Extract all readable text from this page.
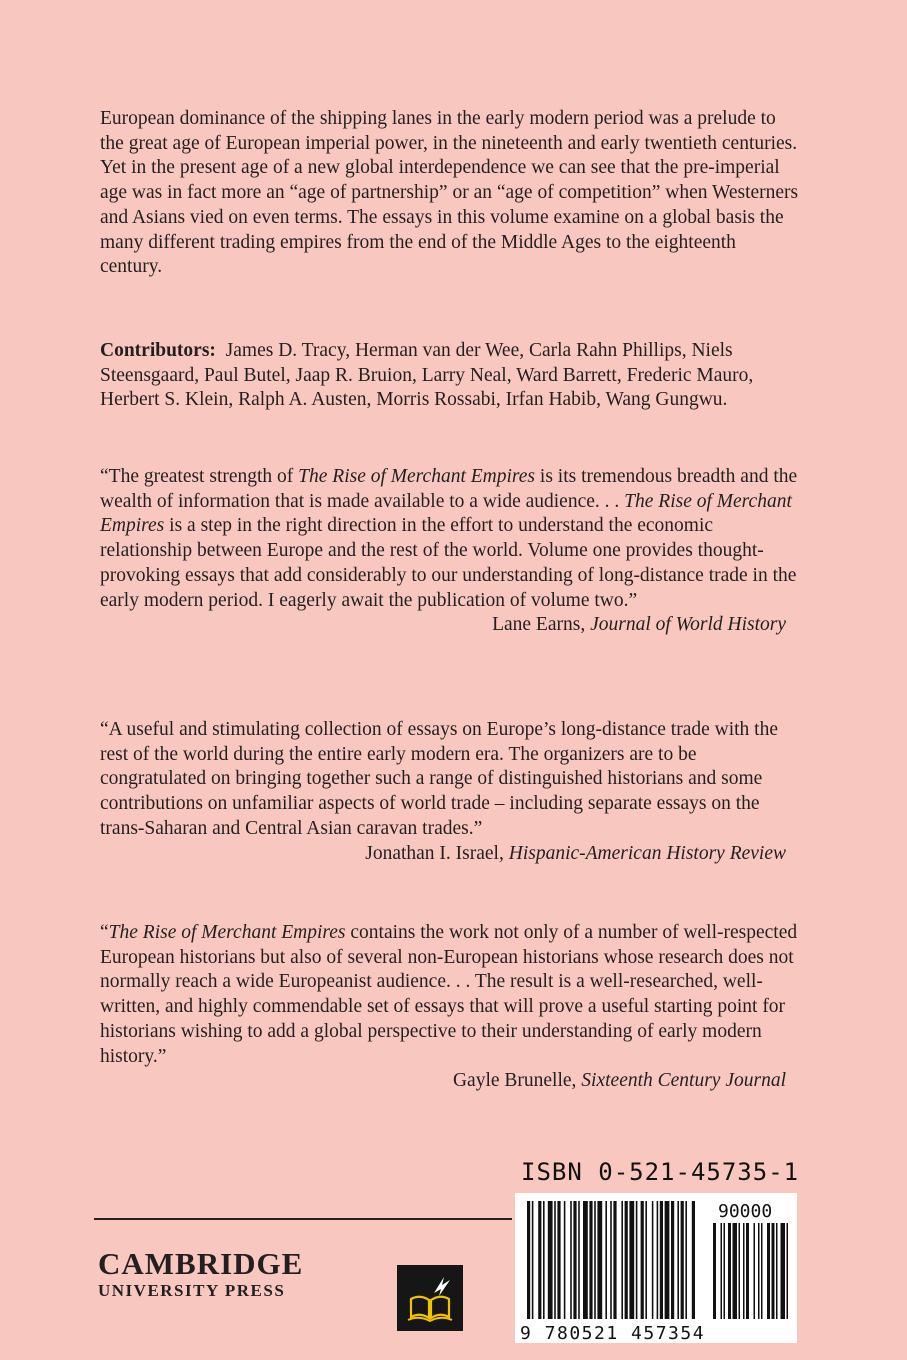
European dominance of the shipping lanes in the early modern period was a prelude to the great age of European imperial power, in the nineteenth and early twentieth centuries. Yet in the present age of a new global interdependence we can see that the pre-imperial age was in fact more an “age of partnership” or an “age of competition” when Westerners and Asians vied on even terms. The essays in this volume examine on a global basis the many different trading empires from the end of the Middle Ages to the eighteenth century.

Contributors: James D. Tracy, Herman van der Wee, Carla Rahn Phillips, Niels Steensgaard, Paul Butel, Jaap R. Bruion, Larry Neal, Ward Barrett, Frederic Mauro, Herbert S. Klein, Ralph A. Austen, Morris Rossabi, Irfan Habib, Wang Gungwu.

“The greatest strength of The Rise of Merchant Empires is its tremendous breadth and the wealth of information that is made available to a wide audience. . . The Rise of Merchant Empires is a step in the right direction in the effort to understand the economic relationship between Europe and the rest of the world. Volume one provides thought-provoking essays that add considerably to our understanding of long-distance trade in the early modern period. I eagerly await the publication of volume two.”

Lane Earns, Journal of World History

“A useful and stimulating collection of essays on Europe’s long-distance trade with the rest of the world during the entire early modern era. The organizers are to be congratulated on bringing together such a range of distinguished historians and some contributions on unfamiliar aspects of world trade – including separate essays on the trans-Saharan and Central Asian caravan trades.”

Jonathan I. Israel, Hispanic-American History Review

“The Rise of Merchant Empires contains the work not only of a number of well-respected European historians but also of several non-European historians whose research does not normally reach a wide Europeanist audience. . . The result is a well-researched, well-written, and highly commendable set of essays that will prove a useful starting point for historians wishing to add a global perspective to their understanding of early modern history.”

Gayle Brunelle, Sixteenth Century Journal

ISBN 0-521-45735-1
CAMBRIDGE
UNIVERSITY PRESS
90000
9 780521 457354
